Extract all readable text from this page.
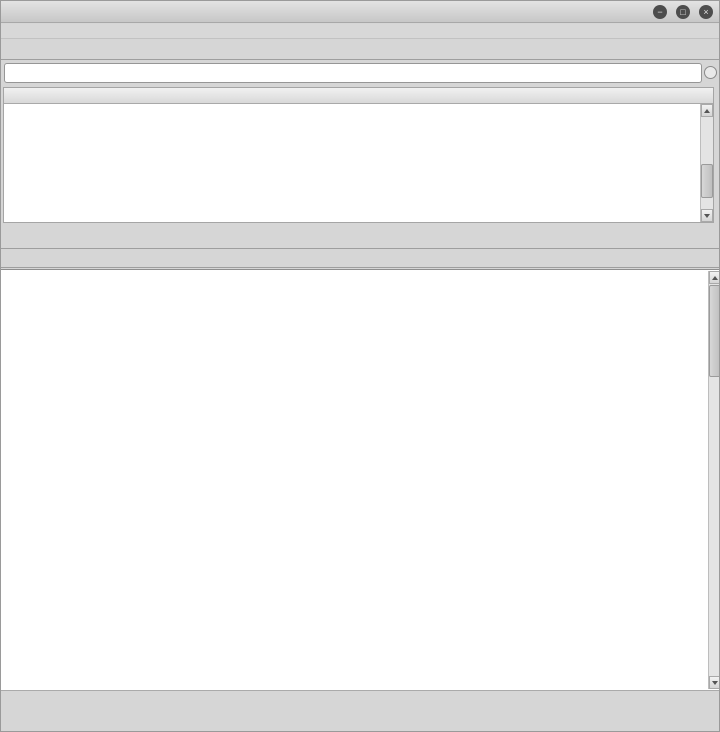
−	□	×
